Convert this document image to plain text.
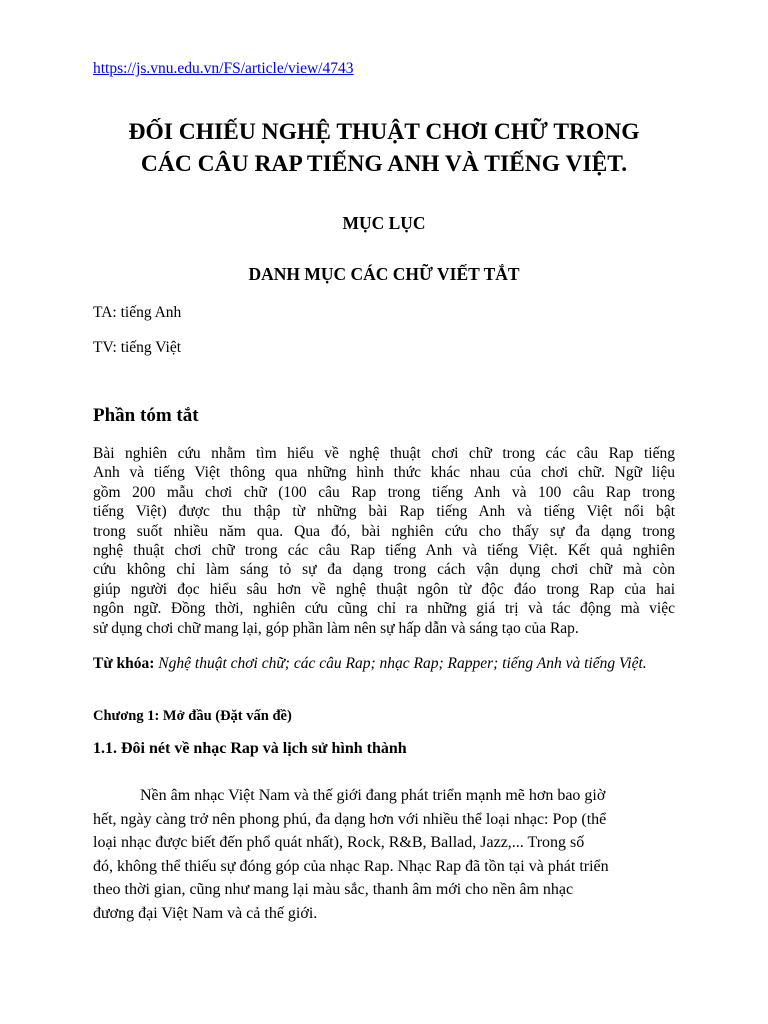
https://js.vnu.edu.vn/FS/article/view/4743
ĐỐI CHIẾU NGHỆ THUẬT CHƠI CHỮ TRONG
CÁC CÂU RAP TIẾNG ANH VÀ TIẾNG VIỆT.
MỤC LỤC
DANH MỤC CÁC CHỮ VIẾT TẮT

TA: tiếng Anh

TV: tiếng Việt

Phần tóm tắt

Bài nghiên cứu nhằm tìm hiểu về nghệ thuật chơi chữ trong các câu Rap tiếng
Anh và tiếng Việt thông qua những hình thức khác nhau của chơi chữ. Ngữ liệu
gồm 200 mẫu chơi chữ (100 câu Rap trong tiếng Anh và 100 câu Rap trong
tiếng Việt) được thu thập từ những bài Rap tiếng Anh và tiếng Việt nổi bật
trong suốt nhiều năm qua. Qua đó, bài nghiên cứu cho thấy sự đa dạng trong
nghệ thuật chơi chữ trong các câu Rap tiếng Anh và tiếng Việt. Kết quả nghiên
cứu không chỉ làm sáng tỏ sự đa dạng trong cách vận dụng chơi chữ mà còn
giúp người đọc hiểu sâu hơn về nghệ thuật ngôn từ độc đáo trong Rap của hai
ngôn ngữ. Đồng thời, nghiên cứu cũng chỉ ra những giá trị và tác động mà việc
sử dụng chơi chữ mang lại, góp phần làm nên sự hấp dẫn và sáng tạo của Rap.

Từ khóa: Nghệ thuật chơi chữ; các câu Rap; nhạc Rap; Rapper; tiếng Anh và tiếng Việt.

Chương 1: Mở đầu (Đặt vấn đề)
1.1. Đôi nét về nhạc Rap và lịch sử hình thành

Nền âm nhạc Việt Nam và thế giới đang phát triển mạnh mẽ hơn bao giờ
hết, ngày càng trở nên phong phú, đa dạng hơn với nhiều thể loại nhạc: Pop (thể
loại nhạc được biết đến phổ quát nhất), Rock, R&B, Ballad, Jazz,... Trong số
đó, không thể thiếu sự đóng góp của nhạc Rap. Nhạc Rap đã tồn tại và phát triển
theo thời gian, cũng như mang lại màu sắc, thanh âm mới cho nền âm nhạc
đương đại Việt Nam và cả thế giới.
